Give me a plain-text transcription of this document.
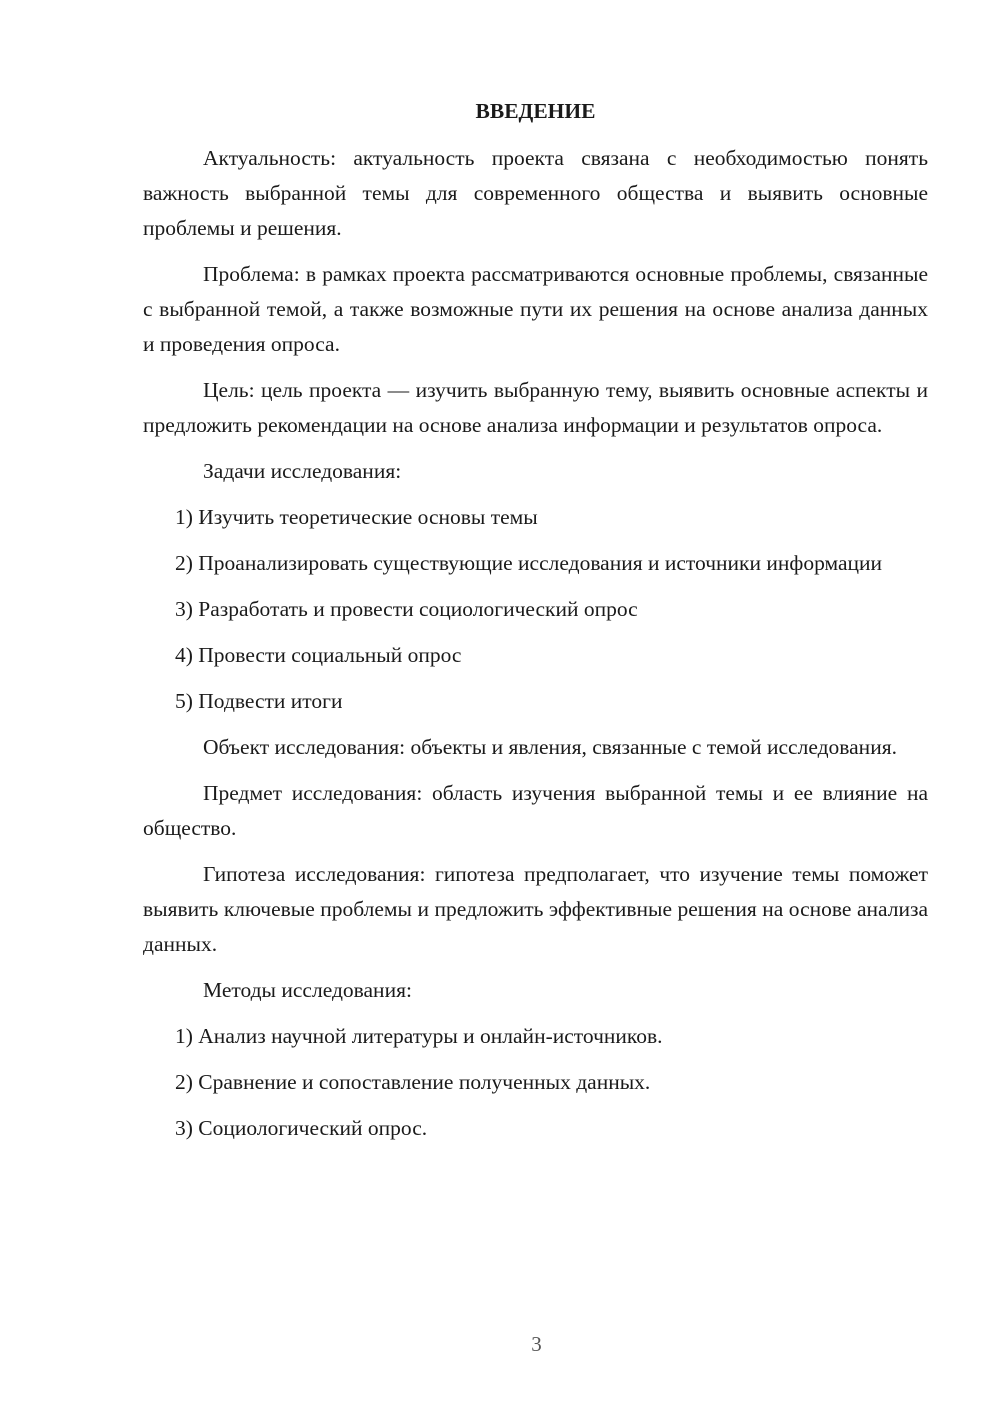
ВВЕДЕНИЕ

Актуальность: актуальность проекта связана с необходимостью понять важность выбранной темы для современного общества и выявить основные проблемы и решения.

Проблема: в рамках проекта рассматриваются основные проблемы, связанные с выбранной темой, а также возможные пути их решения на основе анализа данных и проведения опроса.

Цель: цель проекта — изучить выбранную тему, выявить основные аспекты и предложить рекомендации на основе анализа информации и результатов опроса.

Задачи исследования:

1) Изучить теоретические основы темы

2) Проанализировать существующие исследования и источники информации

3) Разработать и провести социологический опрос

4) Провести социальный опрос

5) Подвести итоги

Объект исследования: объекты и явления, связанные с темой исследования.

Предмет исследования: область изучения выбранной темы и ее влияние на общество.

Гипотеза исследования: гипотеза предполагает, что изучение темы поможет выявить ключевые проблемы и предложить эффективные решения на основе анализа данных.

Методы исследования:

1) Анализ научной литературы и онлайн-источников.

2) Сравнение и сопоставление полученных данных.

3) Социологический опрос.

3
